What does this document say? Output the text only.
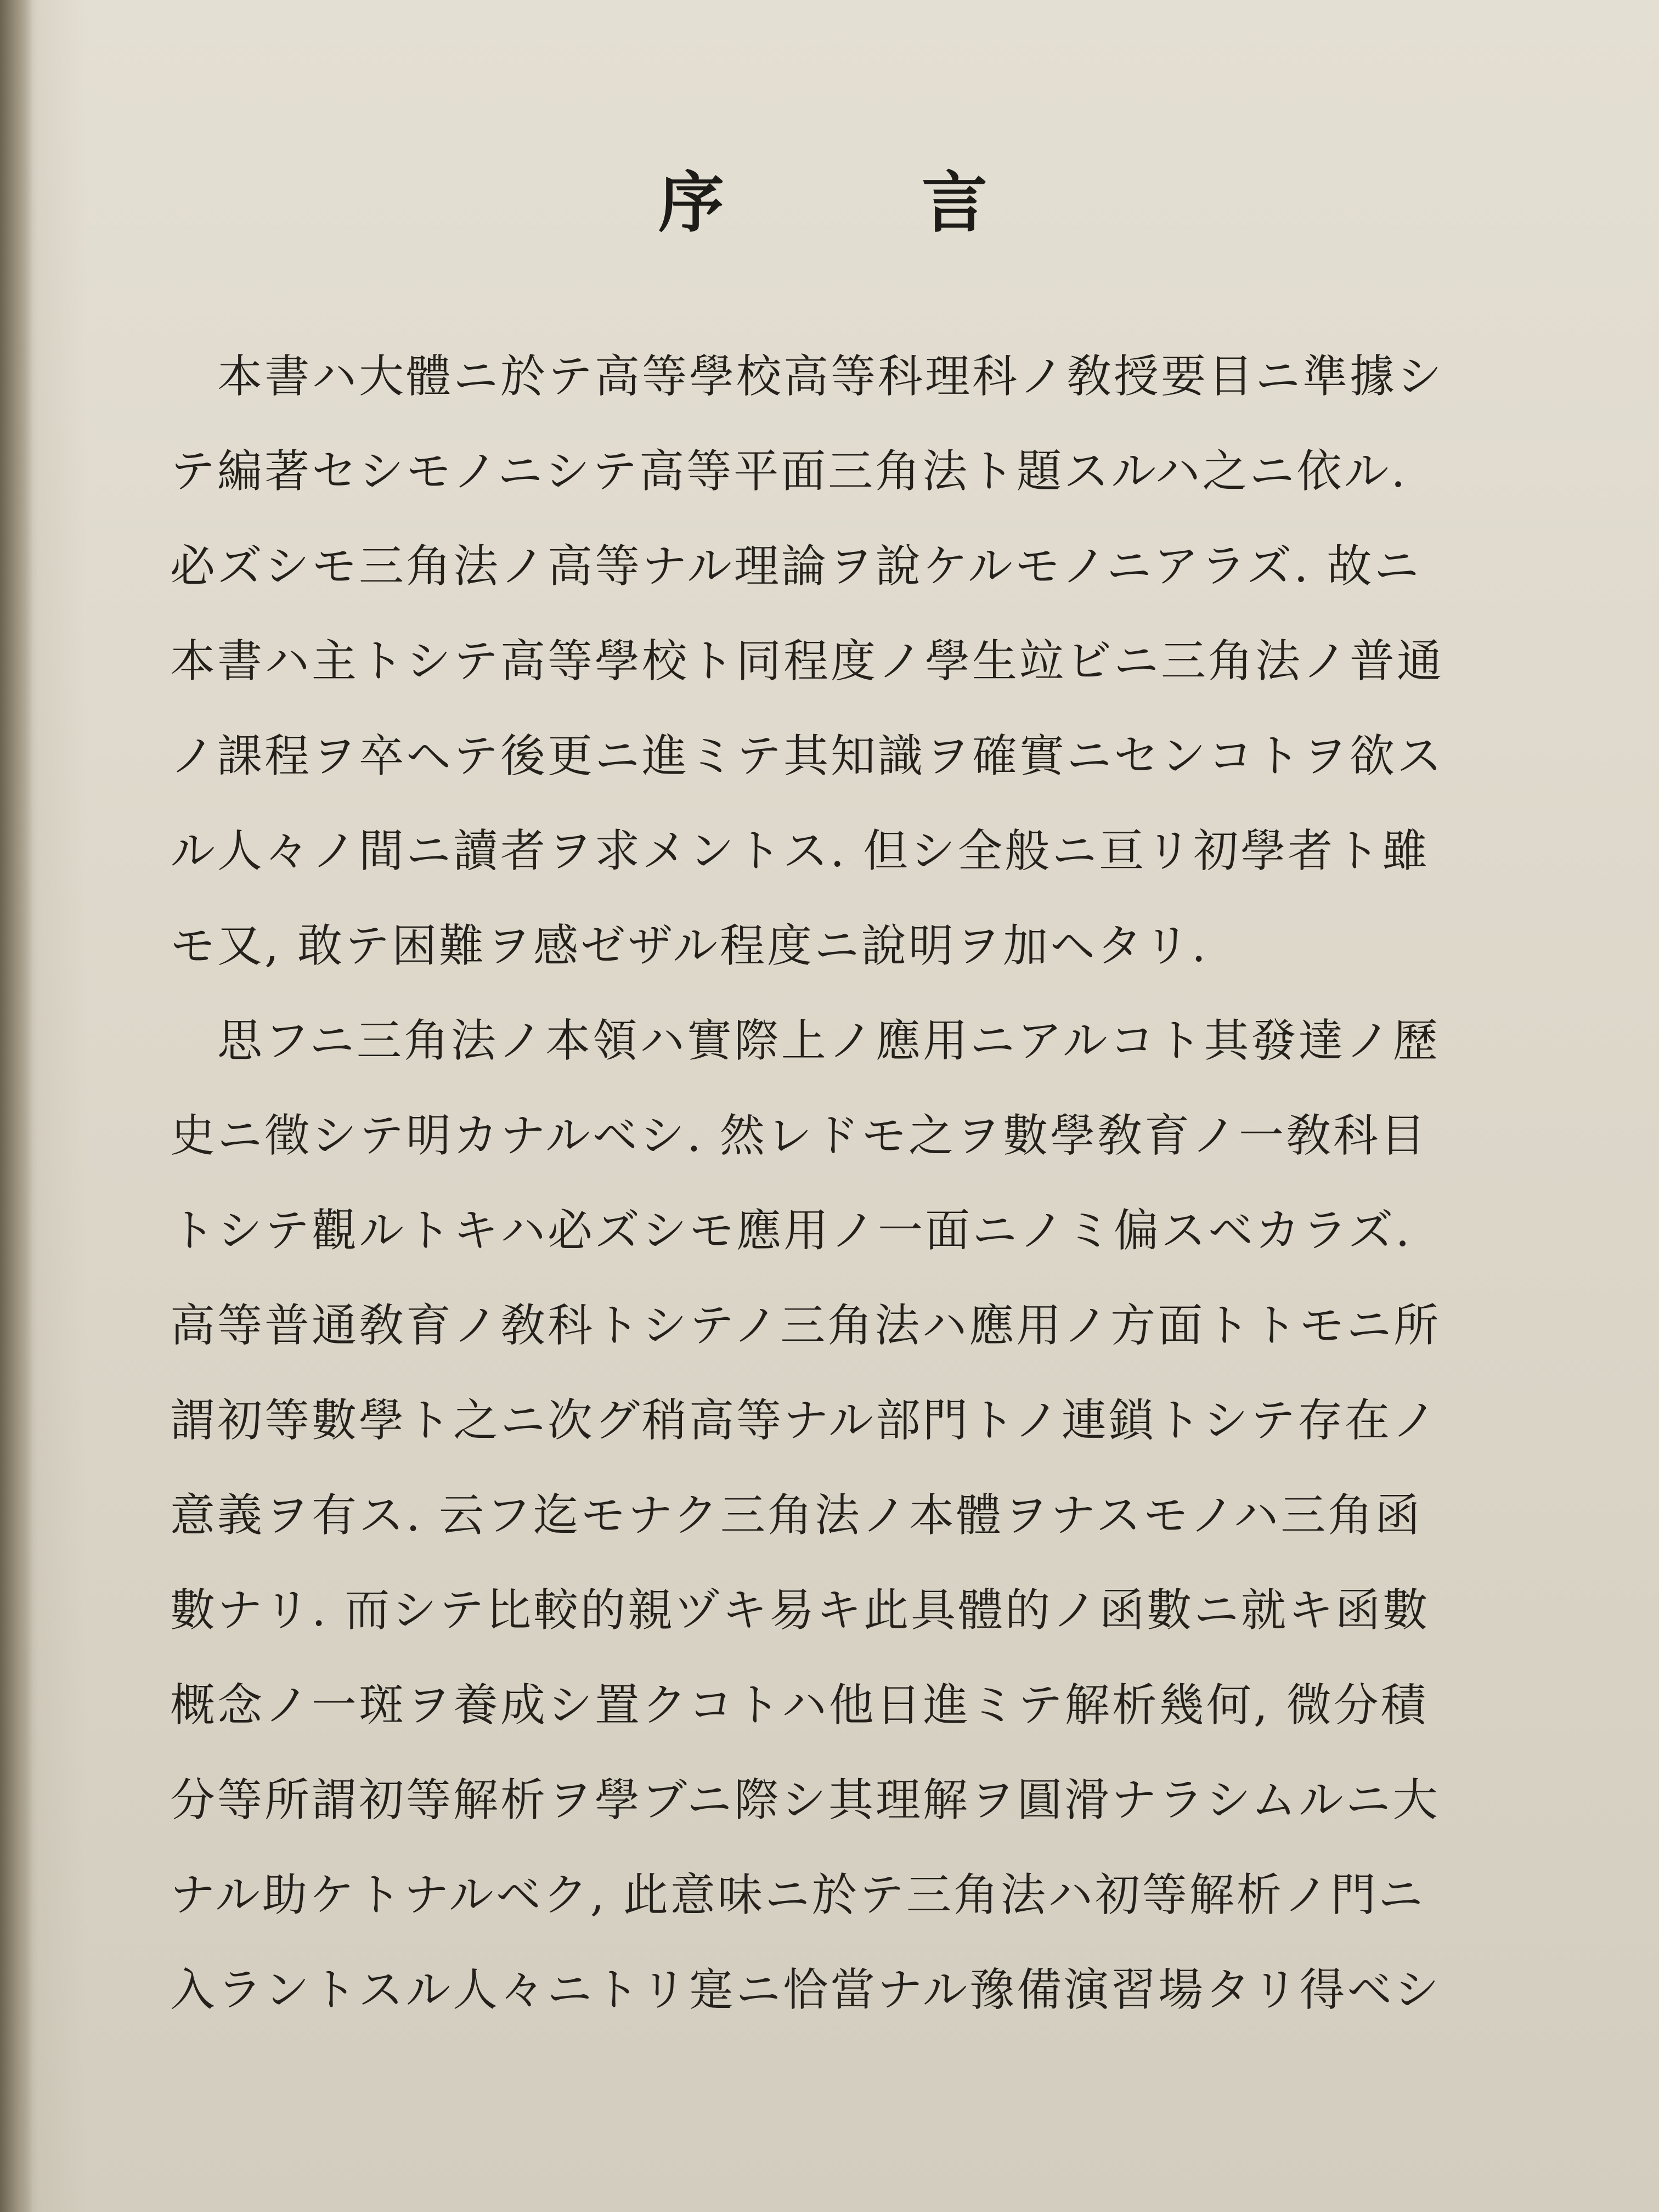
序	言
　本書ハ大體ニ於テ高等學校高等科理科ノ敎授要目ニ準據シ
テ編著セシモノニシテ高等平面三角法ト題スルハ之ニ依ル.
必ズシモ三角法ノ高等ナル理論ヲ說ケルモノニアラズ. 故ニ
本書ハ主トシテ高等學校ト同程度ノ學生竝ビニ三角法ノ普通
ノ課程ヲ卒ヘテ後更ニ進ミテ其知識ヲ確實ニセンコトヲ欲ス
ル人々ノ間ニ讀者ヲ求メントス. 但シ全般ニ亘リ初學者ト雖
モ又, 敢テ困難ヲ感ゼザル程度ニ說明ヲ加ヘタリ.
　思フニ三角法ノ本領ハ實際上ノ應用ニアルコト其發達ノ歷
史ニ徵シテ明カナルベシ. 然レドモ之ヲ數學敎育ノ一敎科目
トシテ觀ルトキハ必ズシモ應用ノ一面ニノミ偏スベカラズ.
高等普通敎育ノ敎科トシテノ三角法ハ應用ノ方面トトモニ所
謂初等數學ト之ニ次グ稍高等ナル部門トノ連鎖トシテ存在ノ
意義ヲ有ス. 云フ迄モナク三角法ノ本體ヲナスモノハ三角函
數ナリ. 而シテ比較的親ヅキ易キ此具體的ノ函數ニ就キ函數
概念ノ一斑ヲ養成シ置クコトハ他日進ミテ解析幾何, 微分積
分等所謂初等解析ヲ學ブニ際シ其理解ヲ圓滑ナラシムルニ大
ナル助ケトナルベク, 此意味ニ於テ三角法ハ初等解析ノ門ニ
入ラントスル人々ニトリ寔ニ恰當ナル豫備演習場タリ得ベシ
